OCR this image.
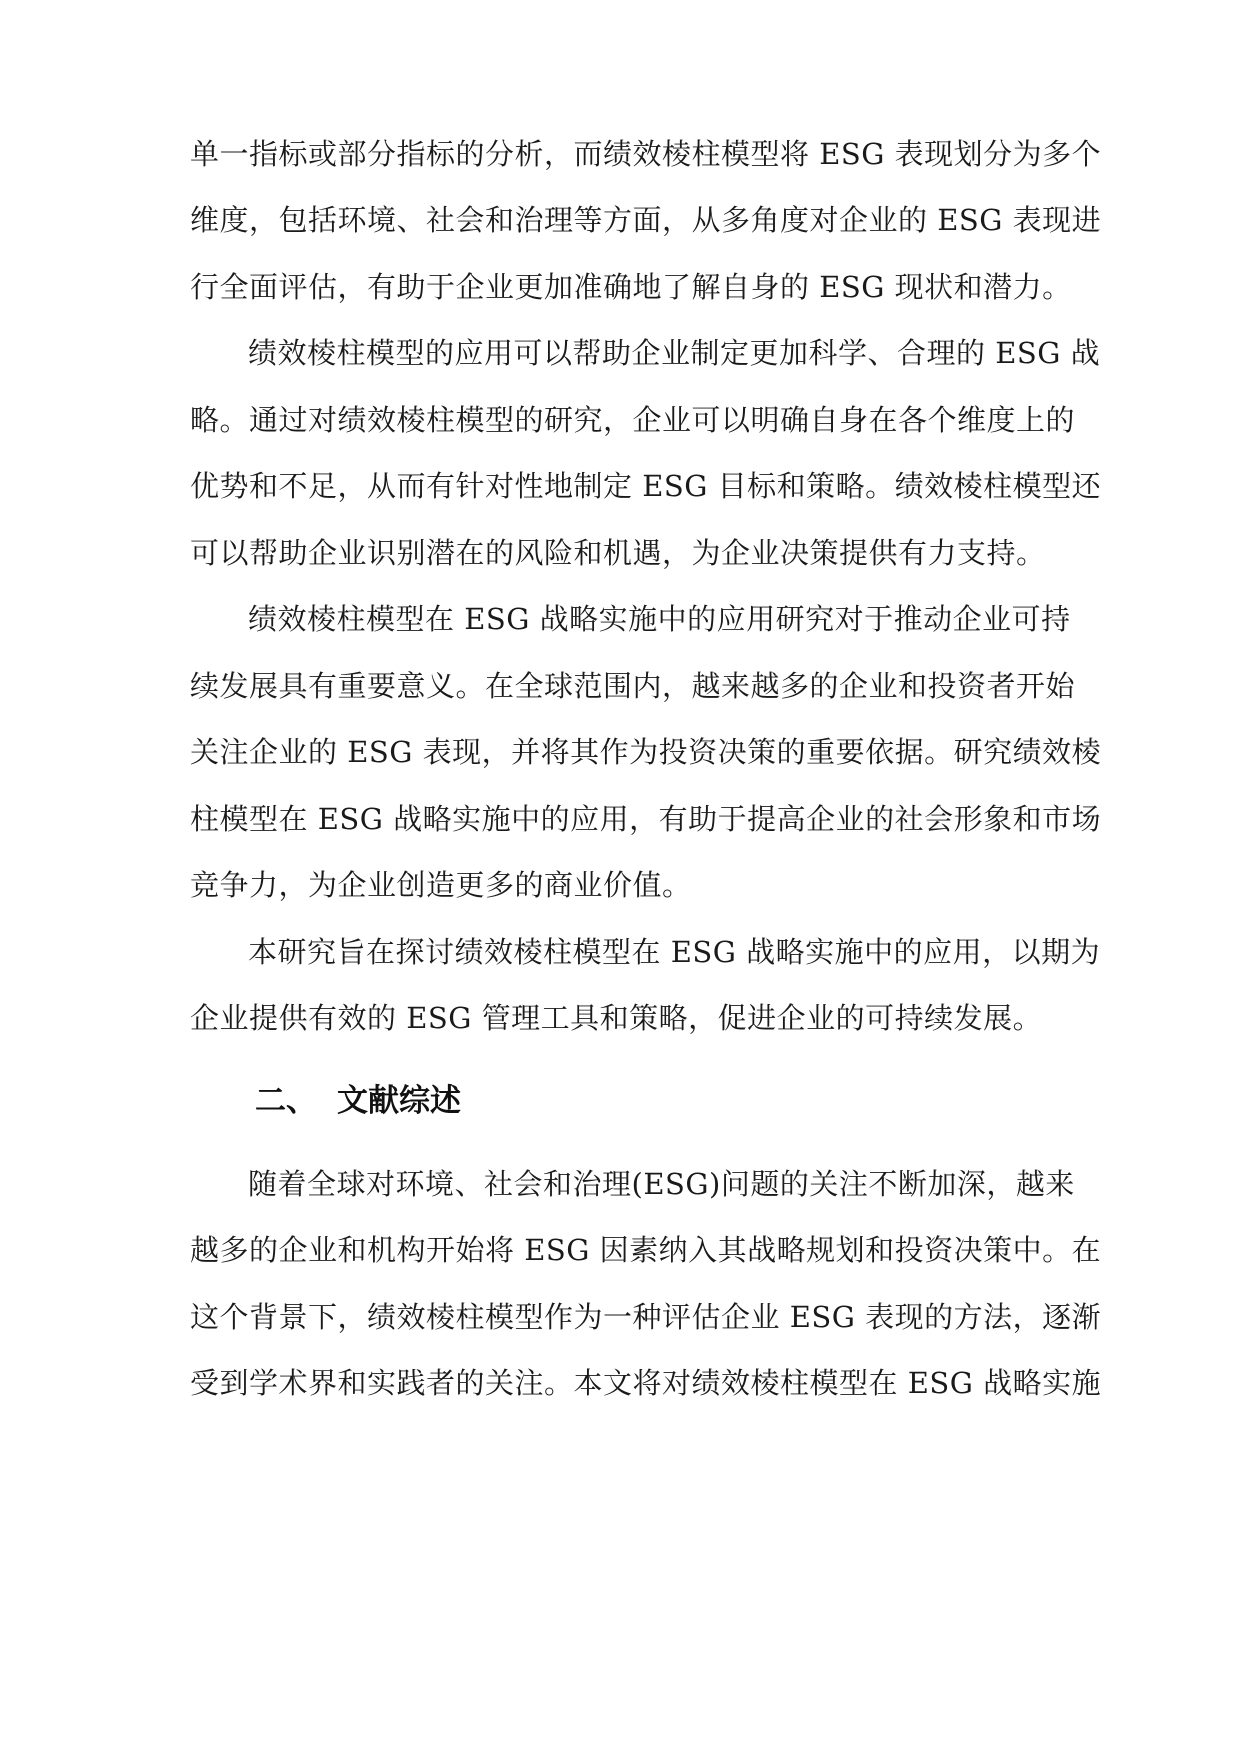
单一指标或部分指标的分析，而绩效棱柱模型将 ESG 表现划分为多个
维度，包括环境、社会和治理等方面，从多角度对企业的 ESG 表现进
行全面评估，有助于企业更加准确地了解自身的 ESG 现状和潜力。
绩效棱柱模型的应用可以帮助企业制定更加科学、合理的 ESG 战
略。通过对绩效棱柱模型的研究，企业可以明确自身在各个维度上的
优势和不足，从而有针对性地制定 ESG 目标和策略。绩效棱柱模型还
可以帮助企业识别潜在的风险和机遇，为企业决策提供有力支持。
绩效棱柱模型在 ESG 战略实施中的应用研究对于推动企业可持
续发展具有重要意义。在全球范围内，越来越多的企业和投资者开始
关注企业的 ESG 表现，并将其作为投资决策的重要依据。研究绩效棱
柱模型在 ESG 战略实施中的应用，有助于提高企业的社会形象和市场
竞争力，为企业创造更多的商业价值。
本研究旨在探讨绩效棱柱模型在 ESG 战略实施中的应用，以期为
企业提供有效的 ESG 管理工具和策略，促进企业的可持续发展。
二、 文献综述
随着全球对环境、社会和治理(ESG)问题的关注不断加深，越来
越多的企业和机构开始将 ESG 因素纳入其战略规划和投资决策中。在
这个背景下，绩效棱柱模型作为一种评估企业 ESG 表现的方法，逐渐
受到学术界和实践者的关注。本文将对绩效棱柱模型在 ESG 战略实施
